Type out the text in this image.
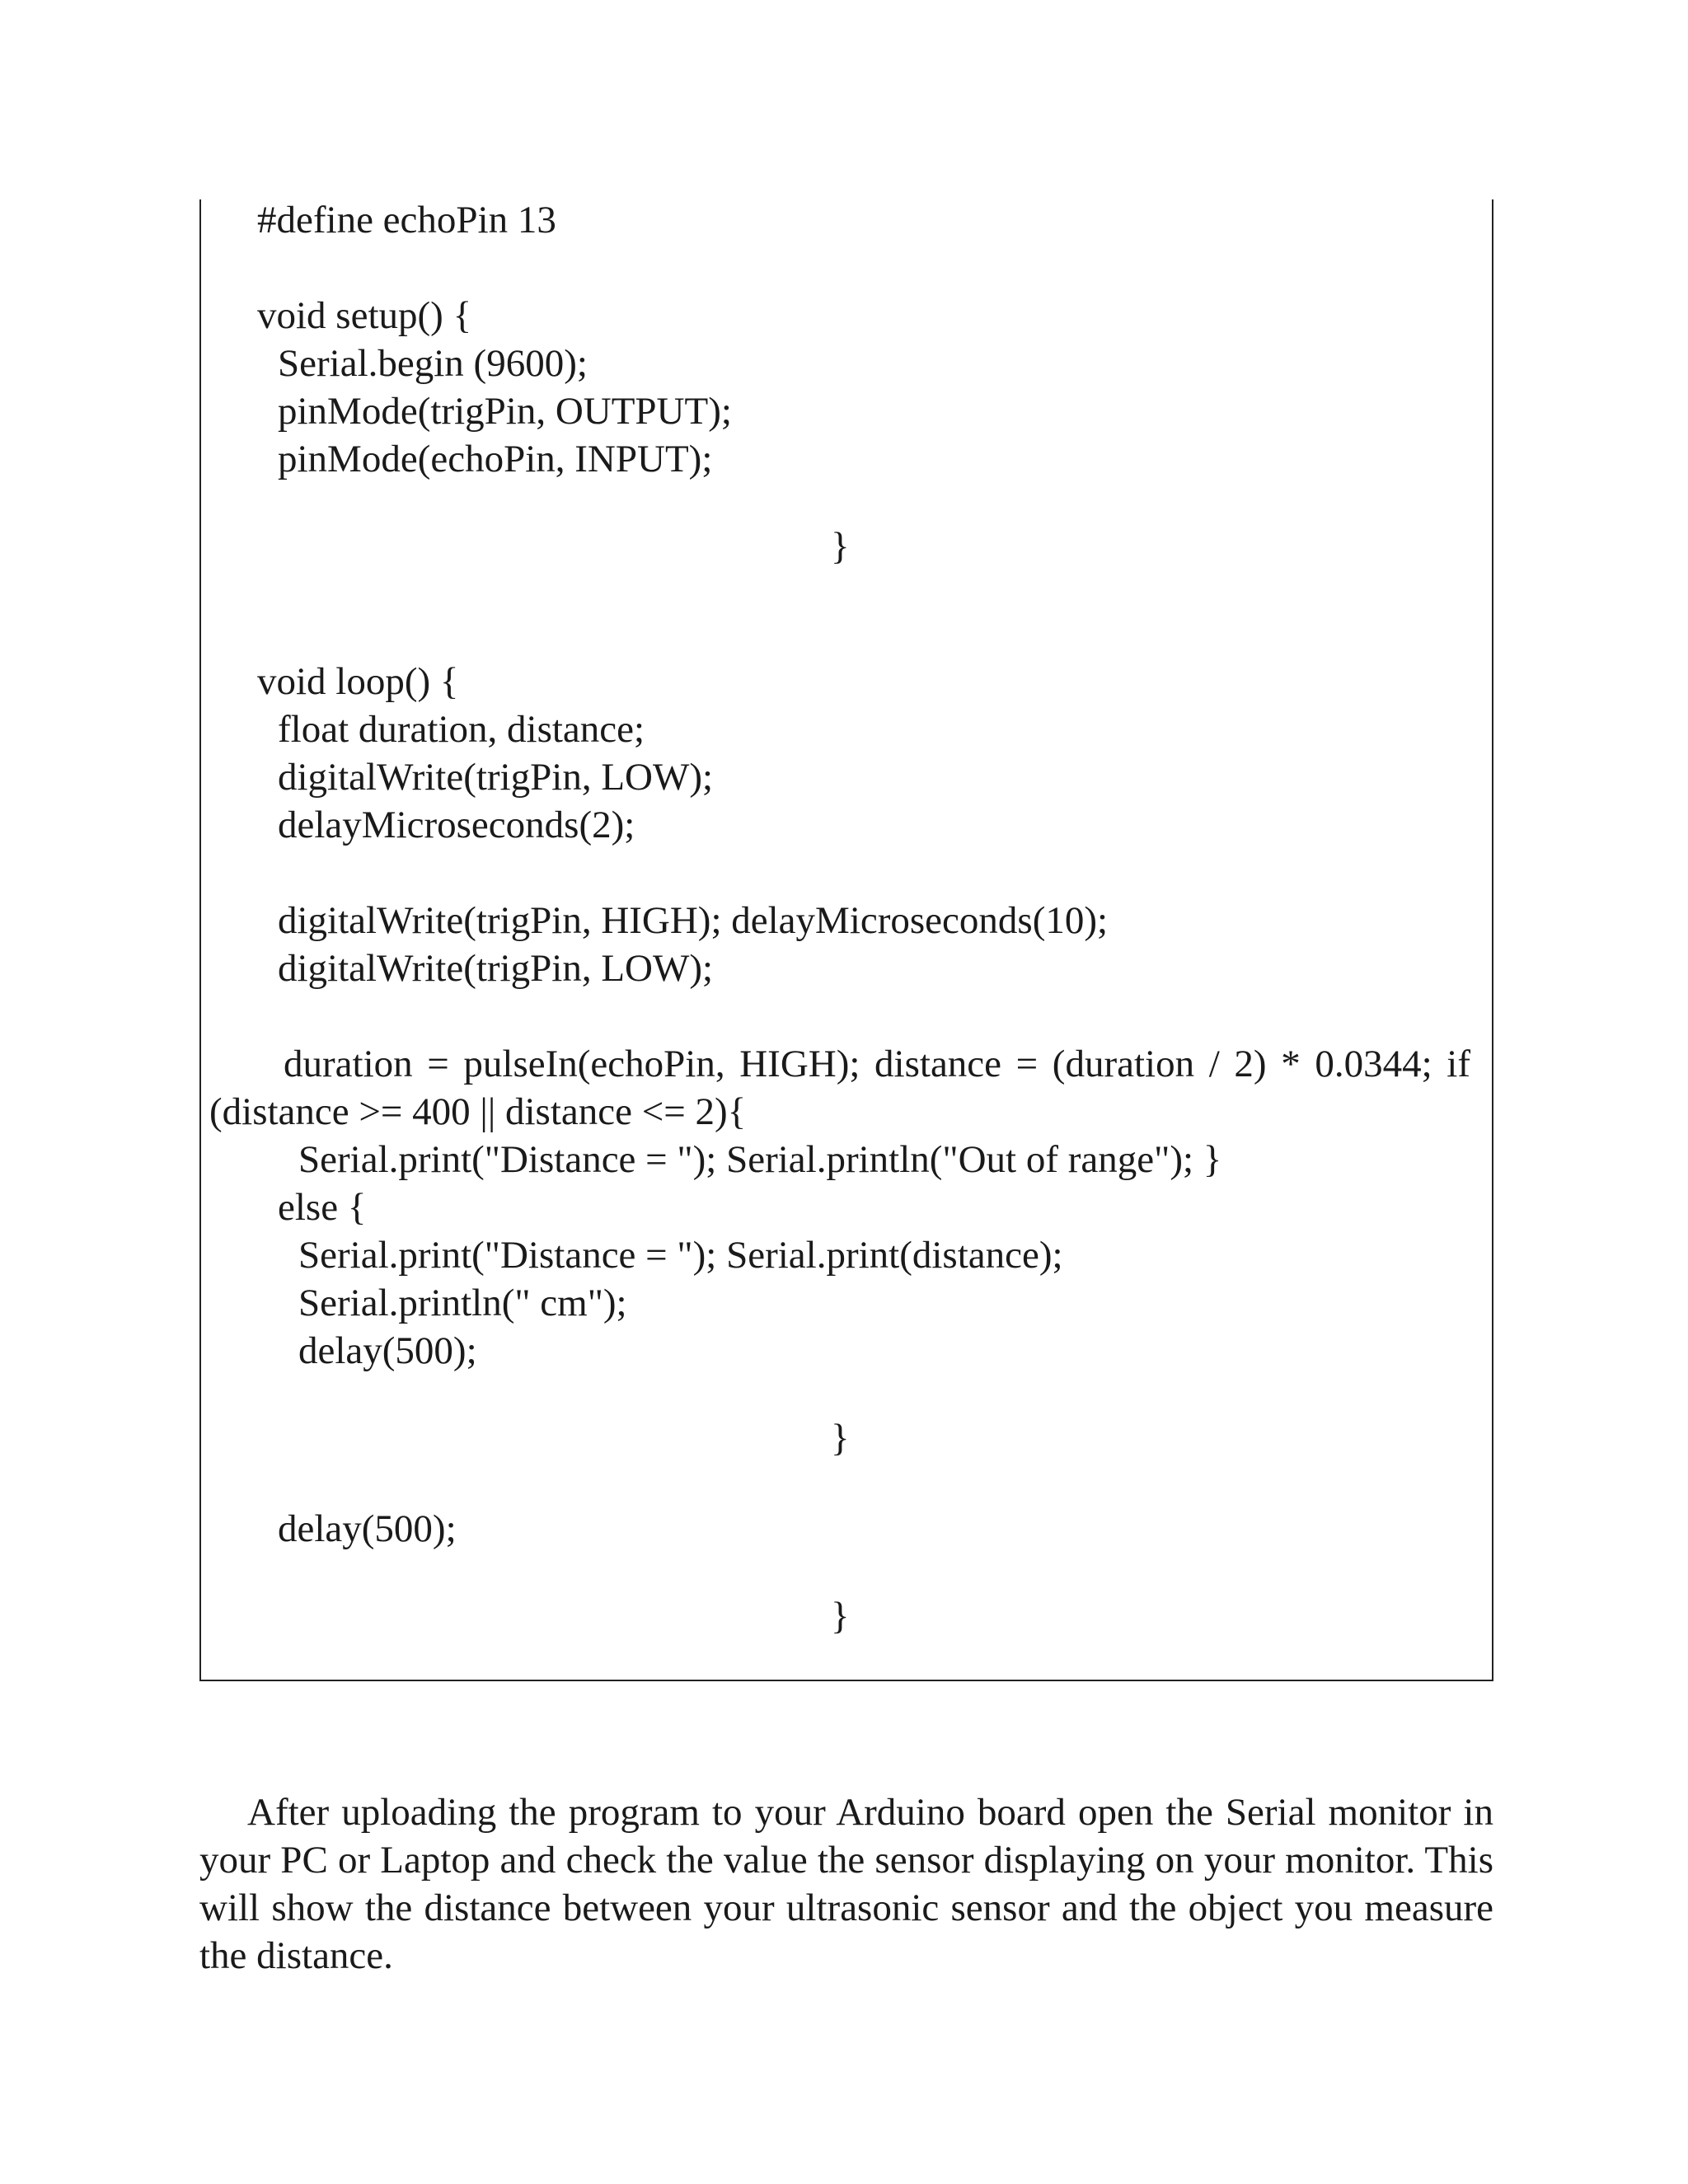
#define echoPin 13
void setup() {
Serial.begin (9600);
pinMode(trigPin, OUTPUT);
pinMode(echoPin, INPUT);
}
void loop() {
float duration, distance;
digitalWrite(trigPin, LOW);
delayMicroseconds(2);
digitalWrite(trigPin, HIGH); delayMicroseconds(10);
digitalWrite(trigPin, LOW);
duration = pulseIn(echoPin, HIGH); distance = (duration / 2) * 0.0344; if
(distance >= 400 || distance <= 2){
Serial.print("Distance = "); Serial.println("Out of range"); }
else {
Serial.print("Distance = "); Serial.print(distance);
Serial.println(" cm");
delay(500);
}
delay(500);
}

After uploading the program to your Arduino board open the Serial monitor in your PC or Laptop and check the value the sensor displaying on your monitor. This will show the distance between your ultrasonic sensor and the object you measure the distance.
